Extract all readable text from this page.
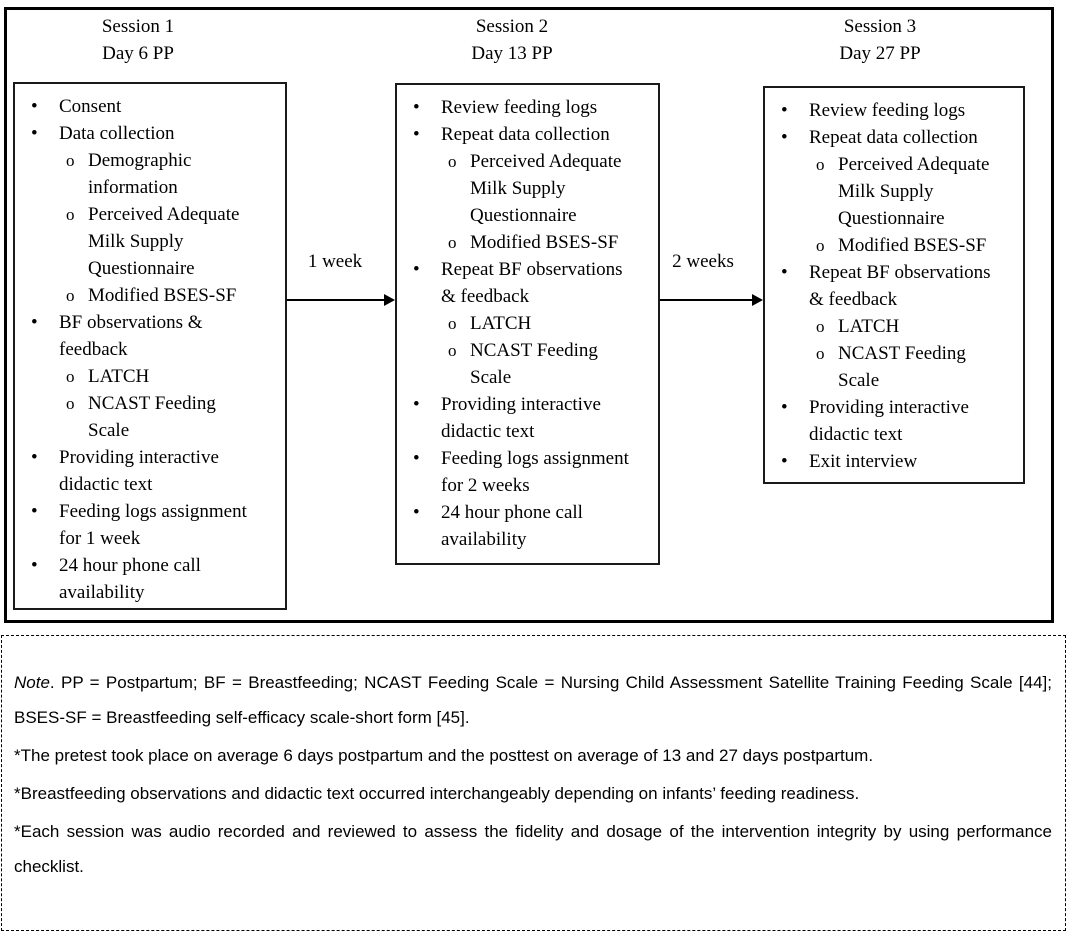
Session 1
Day 6 PP
Session 2
Day 13 PP
Session 3
Day 27 PP
•	Consent
•	Data collection
o Demographic information
o Perceived Adequate Milk Supply Questionnaire
o Modified BSES-SF
•	BF observations & feedback
o LATCH
o NCAST Feeding Scale
•	Providing interactive didactic text
•	Feeding logs assignment for 1 week
•	24 hour phone call availability
•	Review feeding logs
•	Repeat data collection
o Perceived Adequate Milk Supply Questionnaire
o Modified BSES-SF
•	Repeat BF observations & feedback
o LATCH
o NCAST Feeding Scale
•	Providing interactive didactic text
•	Feeding logs assignment for 2 weeks
•	24 hour phone call availability
•	Review feeding logs
•	Repeat data collection
o Perceived Adequate Milk Supply Questionnaire
o Modified BSES-SF
•	Repeat BF observations & feedback
o LATCH
o NCAST Feeding Scale
•	Providing interactive didactic text
•	Exit interview
1 week	2 weeks

Note. PP = Postpartum; BF = Breastfeeding; NCAST Feeding Scale = Nursing Child Assessment Satellite Training Feeding Scale [44]; BSES-SF = Breastfeeding self-efficacy scale-short form [45].

*The pretest took place on average 6 days postpartum and the posttest on average of 13 and 27 days postpartum.

*Breastfeeding observations and didactic text occurred interchangeably depending on infants’ feeding readiness.

*Each session was audio recorded and reviewed to assess the fidelity and dosage of the intervention integrity by using performance checklist.
